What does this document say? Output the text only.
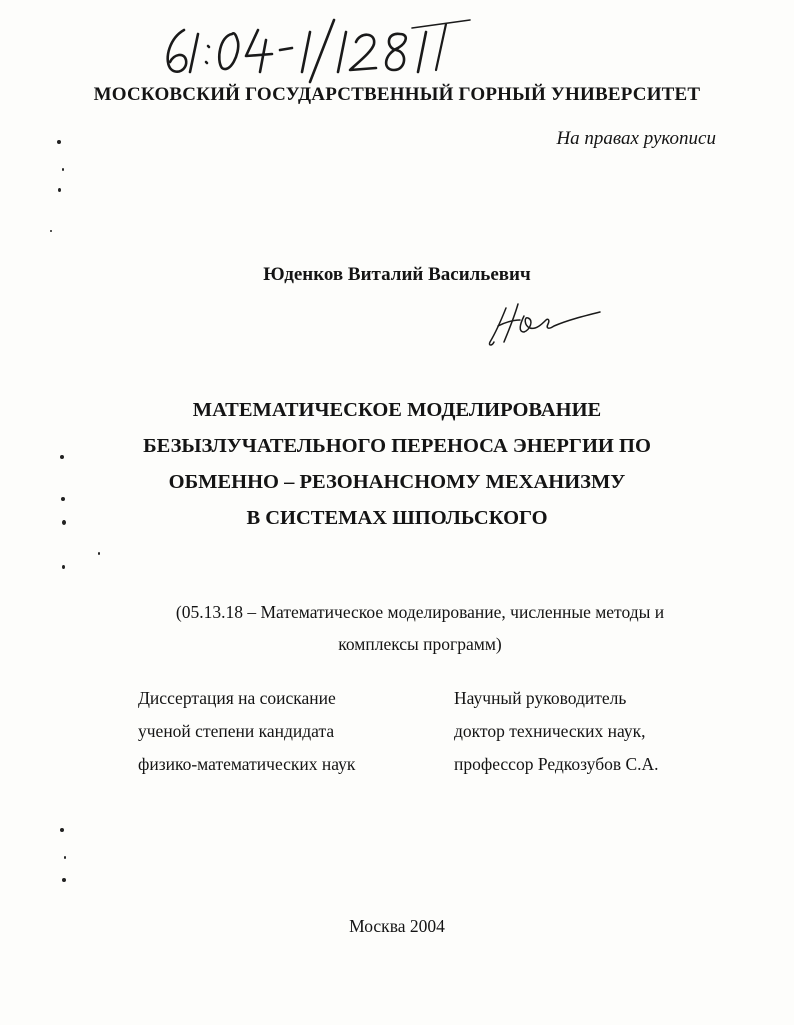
МОСКОВСКИЙ ГОСУДАРСТВЕННЫЙ ГОРНЫЙ УНИВЕРСИТЕТ
На правах рукописи
Юденков Виталий Васильевич
МАТЕМАТИЧЕСКОЕ МОДЕЛИРОВАНИЕ
БЕЗЫЗЛУЧАТЕЛЬНОГО ПЕРЕНОСА ЭНЕРГИИ ПО
ОБМЕННО – РЕЗОНАНСНОМУ МЕХАНИЗМУ
В СИСТЕМАХ ШПОЛЬСКОГО
(05.13.18 – Математическое моделирование, численные методы и
комплексы программ)
Диссертация на соискание
ученой степени кандидата
физико-математических наук
Научный руководитель
доктор технических наук,
профессор Редкозубов С.А.
Москва 2004
